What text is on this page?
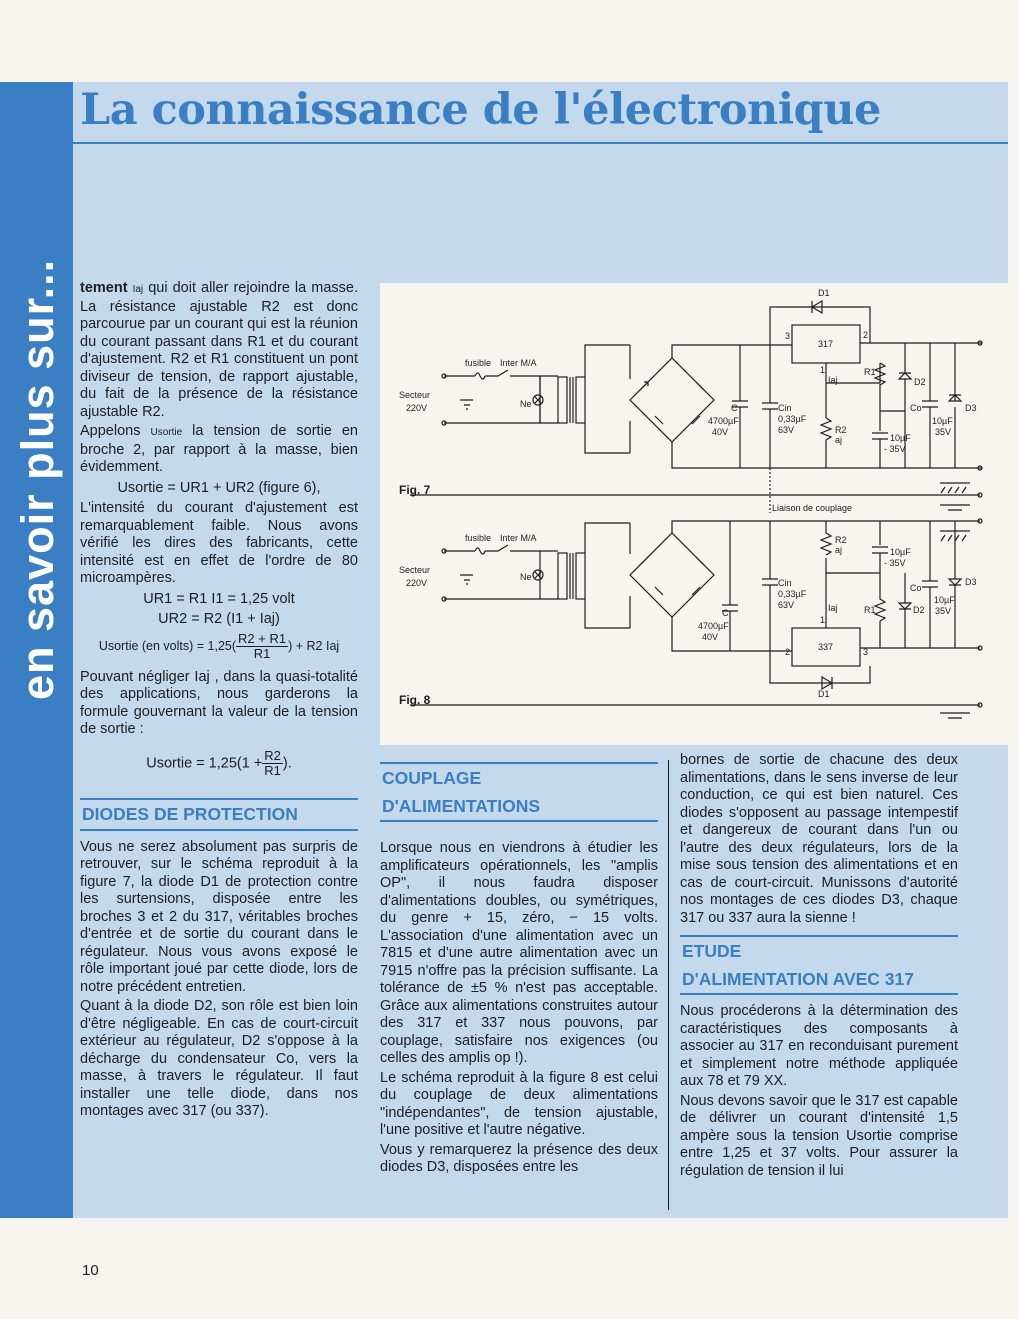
en savoir plus sur...
La connaissance de l'électronique

tement Iaj qui doit aller rejoindre la masse. La résistance ajustable R2 est donc parcourue par un courant qui est la réunion du courant passant dans R1 et du courant d'ajustement. R2 et R1 constituent un pont diviseur de tension, de rapport ajustable, du fait de la présence de la résistance ajustable R2.

Appelons Usortie la tension de sortie en broche 2, par rapport à la masse, bien évidemment.

Usortie = UR1 + UR2 (figure 6),

L'intensité du courant d'ajustement est remarquablement faible. Nous avons vérifié les dires des fabricants, cette intensité est en effet de l'ordre de 80 microampères.

UR1 = R1 I1 = 1,25 volt
UR2 = R2 (I1 + Iaj)
Usortie (en volts) = $1,25( \frac{R2 + R1}{R1}$ ) + R2 Iaj

Pouvant négliger Iaj , dans la quasi-totalité des applications, nous garderons la formule gouvernant la valeur de la tension de sortie :

Usortie = $1,25(1 + \frac{R2}{R1}$ ).
DIODES DE PROTECTION

Vous ne serez absolument pas surpris de retrouver, sur le schéma reproduit à la figure 7, la diode D1 de protection contre les surtensions, disposée entre les broches 3 et 2 du 317, véritables broches d'entrée et de sortie du courant dans le régulateur. Nous vous avons exposé le rôle important joué par cette diode, lors de notre précédent entretien.

Quant à la diode D2, son rôle est bien loin d'être négligeable. En cas de court-circuit extérieur au régulateur, D2 s'oppose à la décharge du condensateur Co, vers la masse, à travers le régulateur. Il faut installer une telle diode, dans nos montages avec 317 (ou 337).

COUPLAGE
D'ALIMENTATIONS

Lorsque nous en viendrons à étudier les amplificateurs opérationnels, les "amplis OP", il nous faudra disposer d'alimentations doubles, ou symétriques, du genre + 15, zéro, − 15 volts. L'association d'une alimentation avec un 7815 et d'une autre alimentation avec un 7915 n'offre pas la précision suffisante. La tolérance de ±5 % n'est pas acceptable. Grâce aux alimentations construites autour des 317 et 337 nous pouvons, par couplage, satisfaire nos exigences (ou celles des amplis op !).

Le schéma reproduit à la figure 8 est celui du couplage de deux alimentations "indépendantes", de tension ajustable, l'une positive et l'autre négative.

Vous y remarquerez la présence des deux diodes D3, disposées entre les

bornes de sortie de chacune des deux alimentations, dans le sens inverse de leur conduction, ce qui est bien naturel. Ces diodes s'opposent au passage intempestif et dangereux de courant dans l'un ou l'autre des deux régulateurs, lors de la mise sous tension des alimentations et en cas de court-circuit. Munissons d'autorité nos montages de ces diodes D3, chaque 317 ou 337 aura la sienne !

ETUDE
D'ALIMENTATION AVEC 317

Nous procéderons à la détermination des caractéristiques des composants à associer au 317 en reconduisant purement et simplement notre méthode appliquée aux 78 et 79 XX.

Nous devons savoir que le 317 est capable de délivrer un courant d'intensité 1,5 ampère sous la tension Usortie comprise entre 1,25 et 37 volts. Pour assurer la régulation de tension il lui

Fig. 7
fusible Inter M/A
Secteur
220V	Ne	C
4700µF
40V
Cin
0,33µF
63V
317
3	2
1
Iaj
D1
R1
R2
aj
D2
10µF
- 35V
Co
10µF
35V
D3
Liaison de couplage
Fig. 8
fusible Inter M/A
Secteur
220V
Ne
C
4700µF
40V
Cin
0,33µF
63V
337
2	3
1
Iaj
D1
R2
aj	10µF
- 35V
R1	D2
Co
10µF
35V
D3
10
